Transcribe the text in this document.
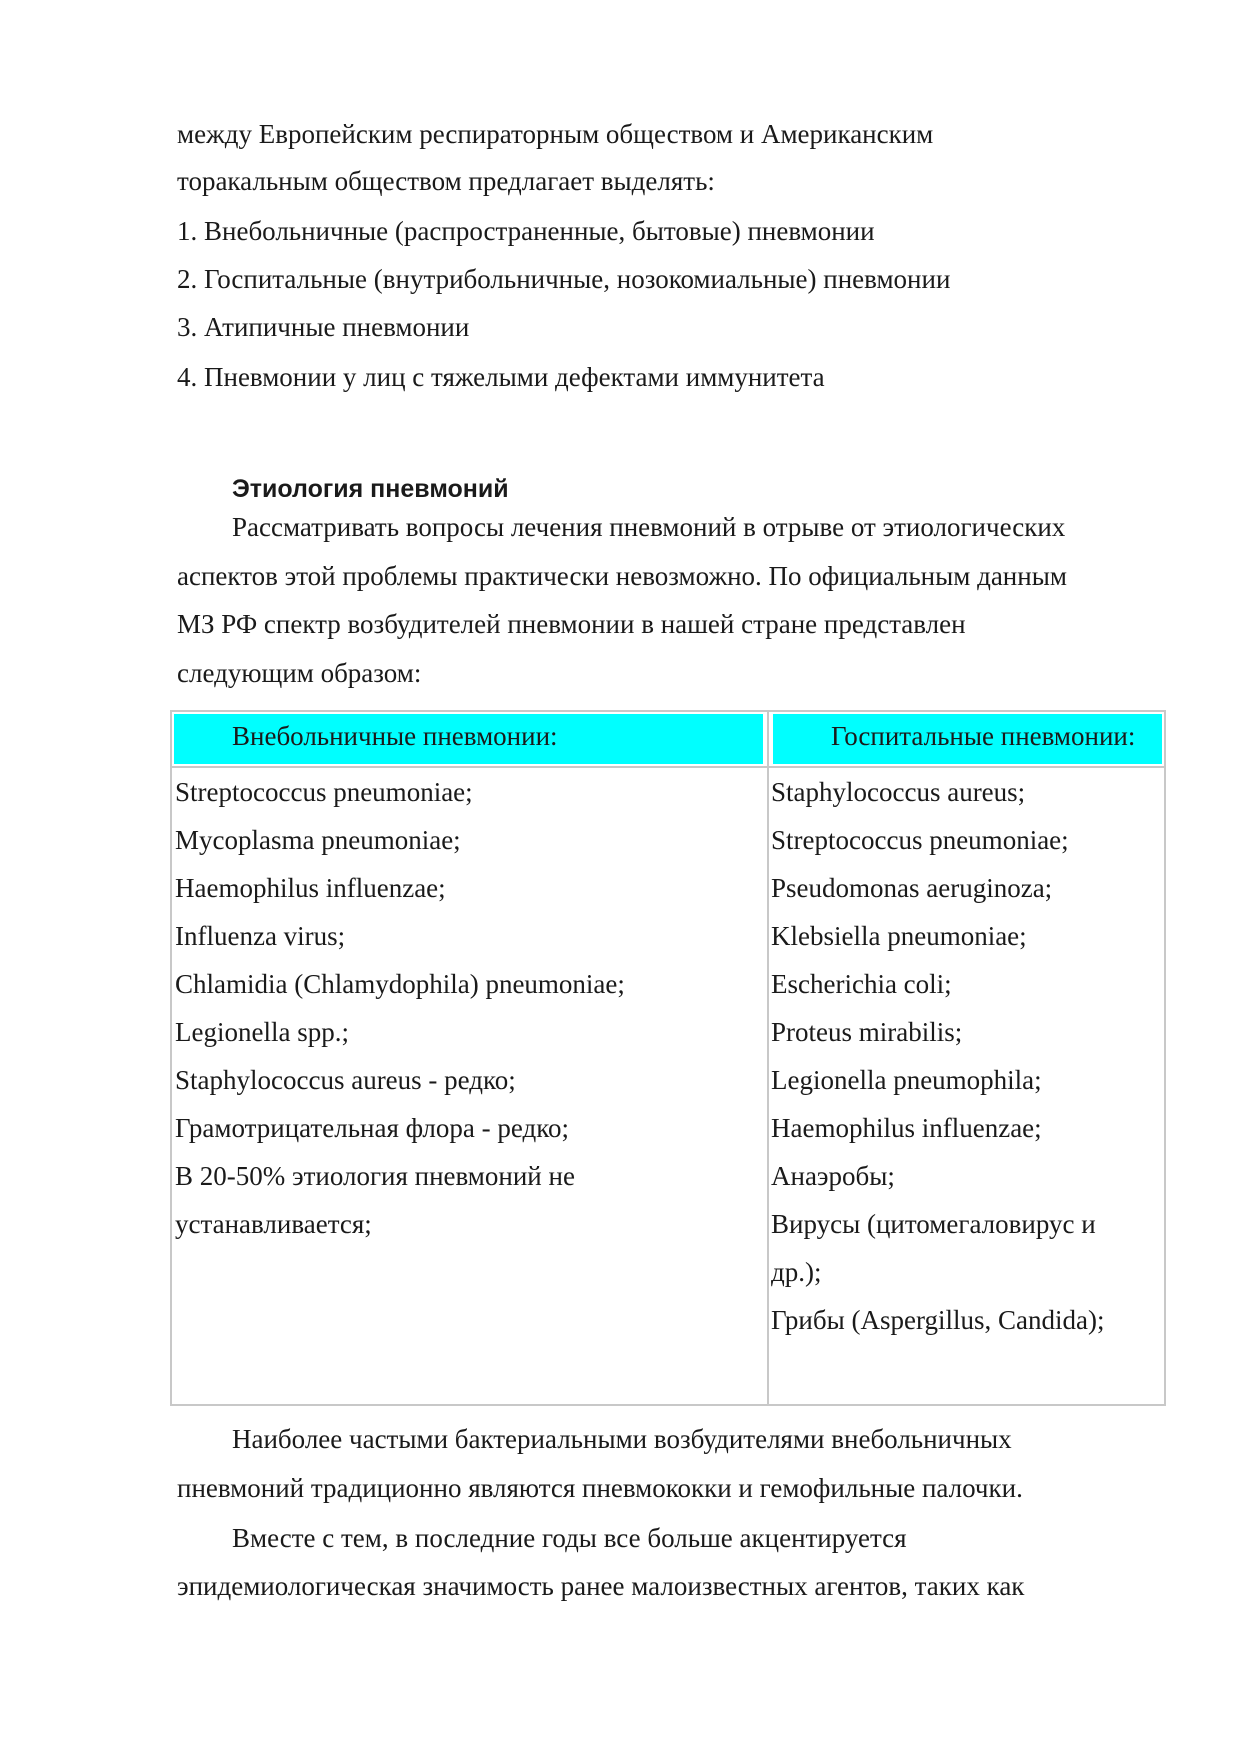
между Европейским респираторным обществом и Американским
торакальным обществом предлагает выделять:
1. Внебольничные (распространенные, бытовые) пневмонии
2. Госпитальные (внутрибольничные, нозокомиальные) пневмонии
3. Атипичные пневмонии
4. Пневмонии у лиц с тяжелыми дефектами иммунитета
Этиология пневмоний
Рассматривать вопросы лечения пневмоний в отрыве от этиологических
аспектов этой проблемы практически невозможно. По официальным данным
МЗ РФ спектр возбудителей пневмонии в нашей стране представлен
следующим образом:
Внебольничные пневмонии:	Госпитальные пневмонии:
Streptococcus pneumoniae;
Mycoplasma pneumoniae;
Haemophilus influenzae;
Influenza virus;
Chlamidia (Chlamydophila) pneumoniae;
Legionella spp.;
Staphylococcus aureus - редко;
Грамотрицательная флора - редко;
В 20-50% этиология пневмоний не
устанавливается;
Staphylococcus aureus;
Streptococcus pneumoniae;
Pseudomonas aeruginoza;
Klebsiella pneumoniae;
Escherichia coli;
Proteus mirabilis;
Legionella pneumophila;
Haemophilus influenzae;
Анаэробы;
Вирусы (цитомегаловирус и
др.);
Грибы (Aspergillus, Candida);
Наиболее частыми бактериальными возбудителями внебольничных
пневмоний традиционно являются пневмококки и гемофильные палочки.
Вместе с тем, в последние годы все больше акцентируется
эпидемиологическая значимость ранее малоизвестных агентов, таких как
